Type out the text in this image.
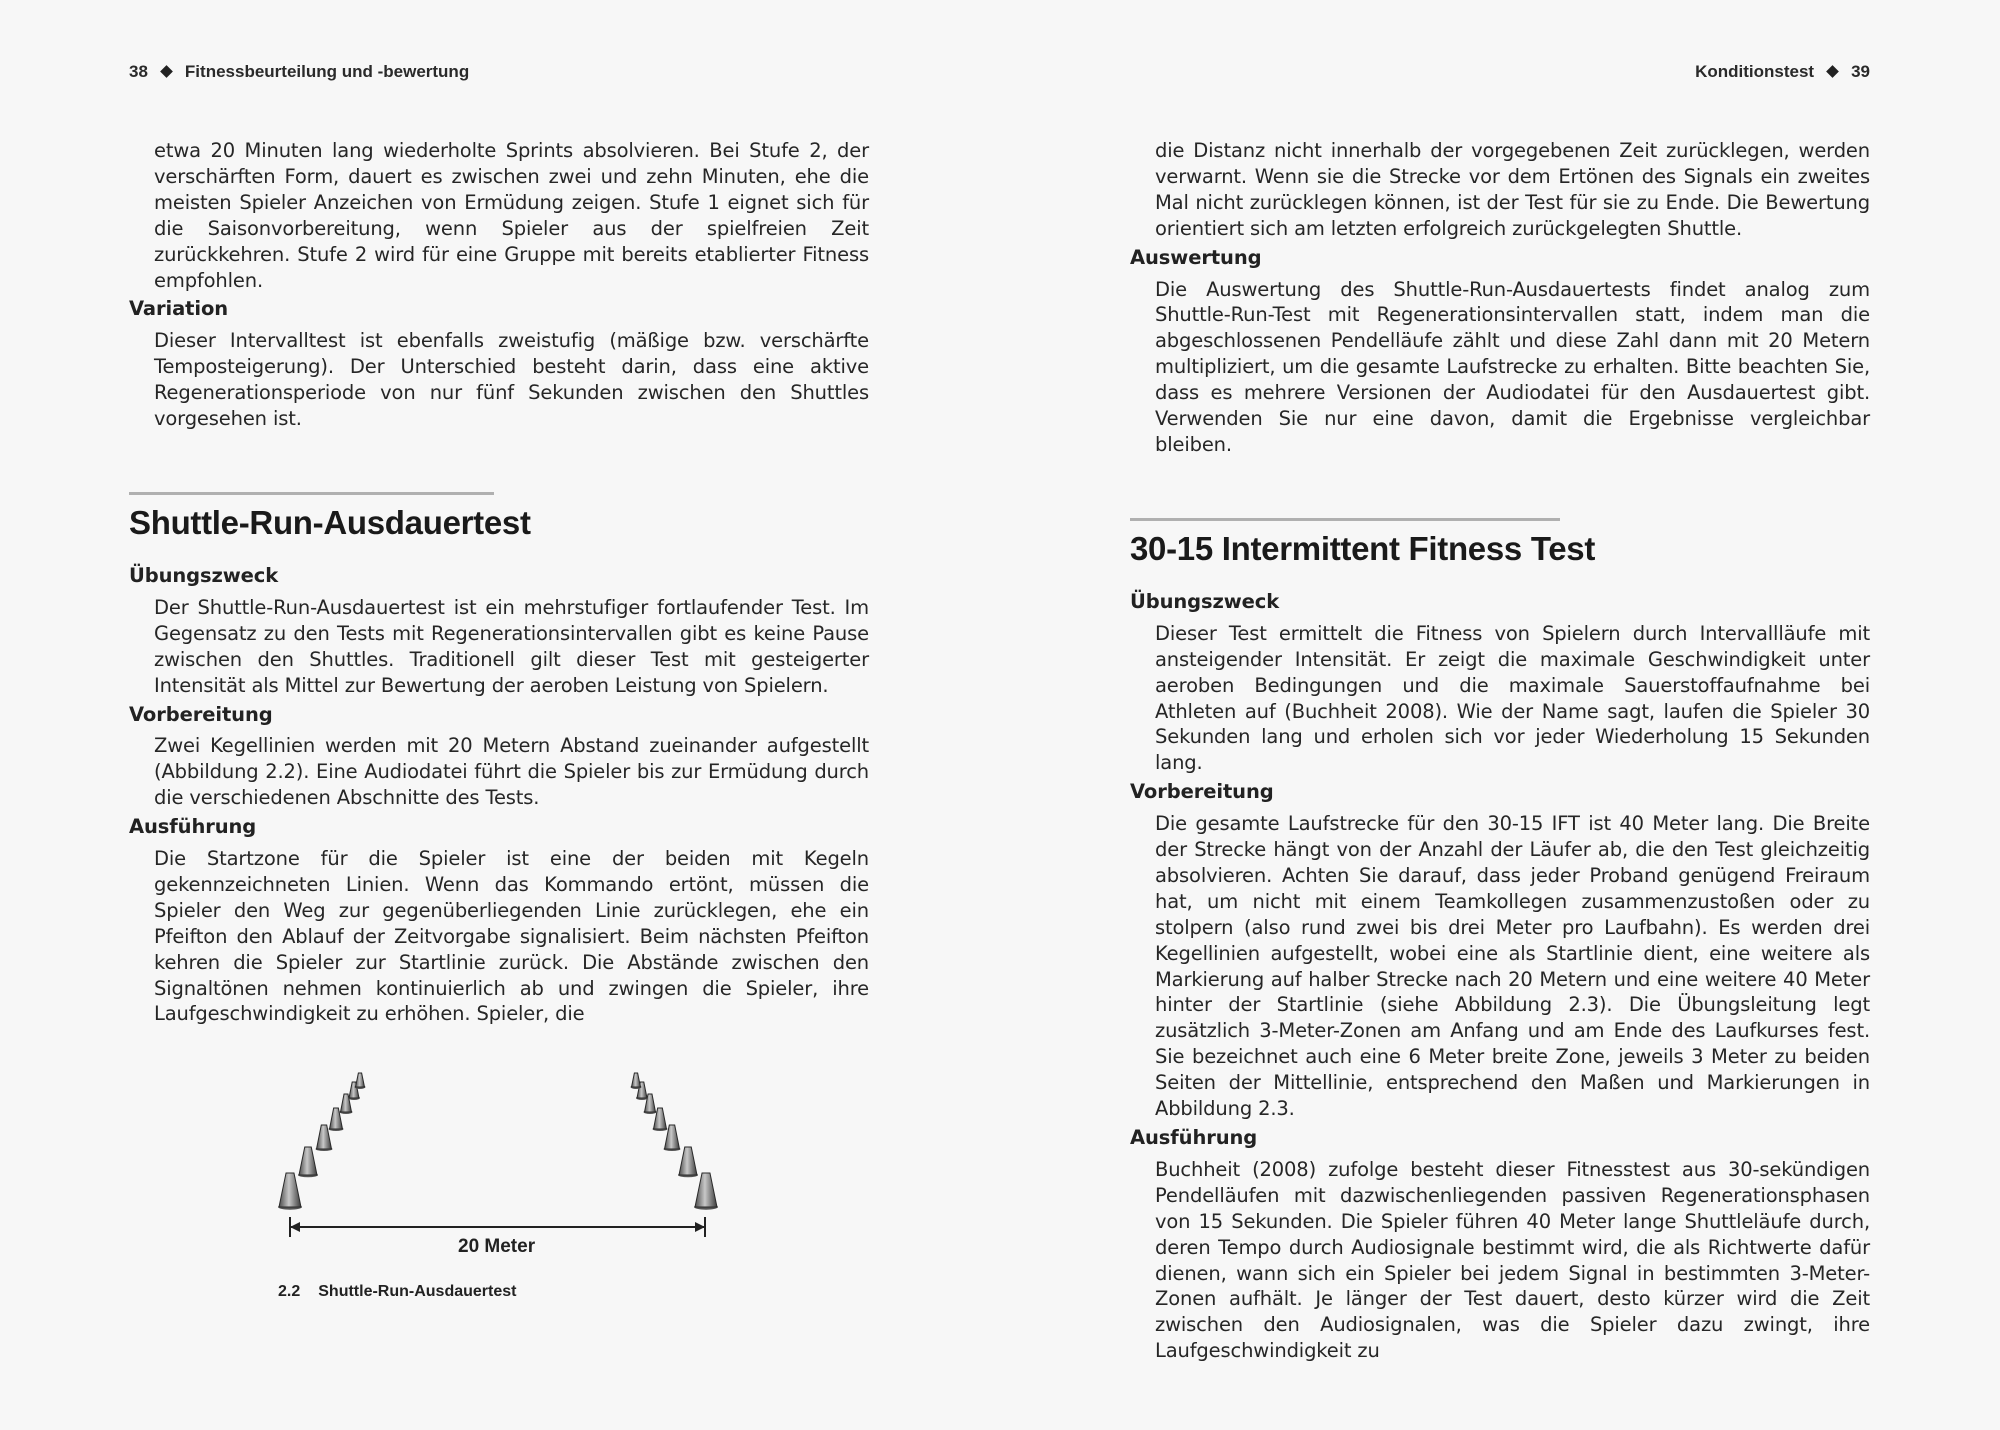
38 Fitnessbeurteilung und -bewertung

etwa 20 Minuten lang wiederholte Sprints absolvieren. Bei Stufe 2, der verschärften Form, dauert es zwischen zwei und zehn Minuten, ehe die meisten Spieler Anzeichen von Ermüdung zeigen. Stufe 1 eignet sich für die Saisonvorbereitung, wenn Spieler aus der spielfreien Zeit zurückkehren. Stufe 2 wird für eine Gruppe mit bereits etablierter Fitness empfohlen.

Variation

Dieser Intervalltest ist ebenfalls zweistufig (mäßige bzw. verschärfte Temposteigerung). Der Unterschied besteht darin, dass eine aktive Regenerationsperiode von nur fünf Sekunden zwischen den Shuttles vorgesehen ist.

Shuttle-Run-Ausdauertest
Übungszweck

Der Shuttle-Run-Ausdauertest ist ein mehrstufiger fortlaufender Test. Im Gegensatz zu den Tests mit Regenerationsintervallen gibt es keine Pause zwischen den Shuttles. Traditionell gilt dieser Test mit gesteigerter Intensität als Mittel zur Bewertung der aeroben Leistung von Spielern.

Vorbereitung

Zwei Kegellinien werden mit 20 Metern Abstand zueinander aufgestellt (Abbildung 2.2). Eine Audiodatei führt die Spieler bis zur Ermüdung durch die verschiedenen Abschnitte des Tests.

Ausführung

Die Startzone für die Spieler ist eine der beiden mit Kegeln gekennzeichneten Linien. Wenn das Kommando ertönt, müssen die Spieler den Weg zur gegenüberliegenden Linie zurücklegen, ehe ein Pfeifton den Ablauf der Zeitvorgabe signalisiert. Beim nächsten Pfeifton kehren die Spieler zur Startlinie zurück. Die Abstände zwischen den Signaltönen nehmen kontinuierlich ab und zwingen die Spieler, ihre Laufgeschwindigkeit zu erhöhen. Spieler, die

20 Meter
2.2 Shuttle-Run-Ausdauertest
Konditionstest 39

die Distanz nicht innerhalb der vorgegebenen Zeit zurücklegen, werden verwarnt. Wenn sie die Strecke vor dem Ertönen des Signals ein zweites Mal nicht zurücklegen können, ist der Test für sie zu Ende. Die Bewertung orientiert sich am letzten erfolgreich zurückgelegten Shuttle.

Auswertung

Die Auswertung des Shuttle-Run-Ausdauertests findet analog zum Shuttle-Run-Test mit Regenerationsintervallen statt, indem man die abgeschlossenen Pendelläufe zählt und diese Zahl dann mit 20 Metern multipliziert, um die gesamte Laufstrecke zu erhalten. Bitte beachten Sie, dass es mehrere Versionen der Audiodatei für den Ausdauertest gibt. Verwenden Sie nur eine davon, damit die Ergebnisse vergleichbar bleiben.

30-15 Intermittent Fitness Test
Übungszweck

Dieser Test ermittelt die Fitness von Spielern durch Intervallläufe mit ansteigender Intensität. Er zeigt die maximale Geschwindigkeit unter aeroben Bedingungen und die maximale Sauerstoffaufnahme bei Athleten auf (Buchheit 2008). Wie der Name sagt, laufen die Spieler 30 Sekunden lang und erholen sich vor jeder Wiederholung 15 Sekunden lang.

Vorbereitung

Die gesamte Laufstrecke für den 30-15 IFT ist 40 Meter lang. Die Breite der Strecke hängt von der Anzahl der Läufer ab, die den Test gleichzeitig absolvieren. Achten Sie darauf, dass jeder Proband genügend Freiraum hat, um nicht mit einem Teamkollegen zusammenzustoßen oder zu stolpern (also rund zwei bis drei Meter pro Laufbahn). Es werden drei Kegellinien aufgestellt, wobei eine als Startlinie dient, eine weitere als Markierung auf halber Strecke nach 20 Metern und eine weitere 40 Meter hinter der Startlinie (siehe Abbildung 2.3). Die Übungsleitung legt zusätzlich 3-Meter-Zonen am Anfang und am Ende des Laufkurses fest. Sie bezeichnet auch eine 6 Meter breite Zone, jeweils 3 Meter zu beiden Seiten der Mittellinie, entsprechend den Maßen und Markierungen in Abbildung 2.3.

Ausführung

Buchheit (2008) zufolge besteht dieser Fitnesstest aus 30-sekündigen Pendelläufen mit dazwischenliegenden passiven Regenerationsphasen von 15 Sekunden. Die Spieler führen 40 Meter lange Shuttleläufe durch, deren Tempo durch Audiosignale bestimmt wird, die als Richtwerte dafür dienen, wann sich ein Spieler bei jedem Signal in bestimmten 3-Meter-Zonen aufhält. Je länger der Test dauert, desto kürzer wird die Zeit zwischen den Audiosignalen, was die Spieler dazu zwingt, ihre Laufgeschwindigkeit zu
